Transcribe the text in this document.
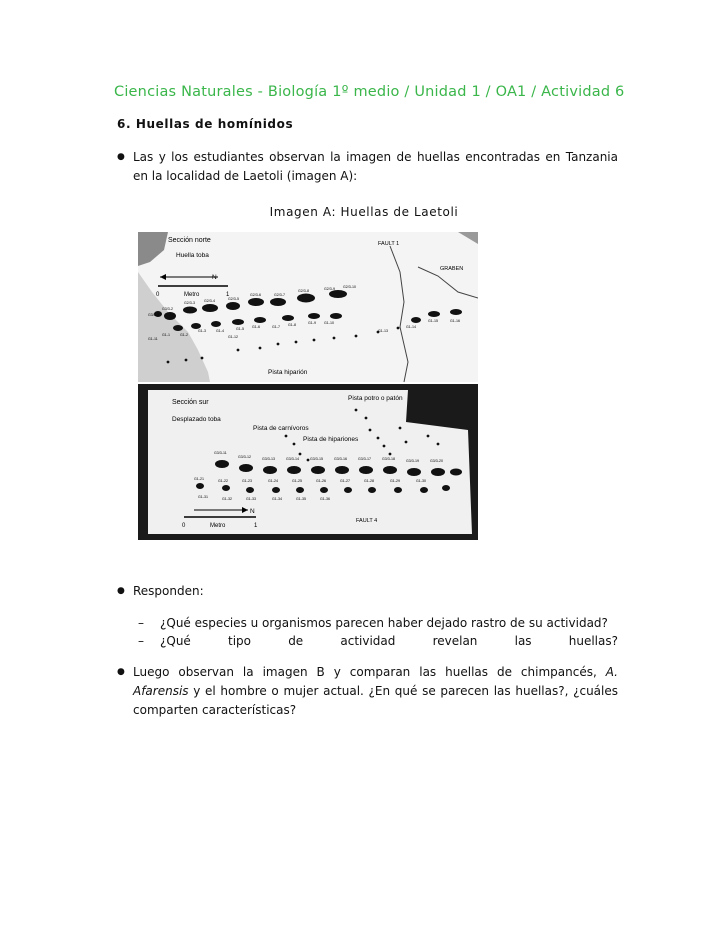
Ciencias Naturales - Biología 1º medio / Unidad 1 / OA1 / Actividad 6
6. Huellas de homínidos
● Las y los estudiantes observan la imagen de huellas encontradas en Tanzania en la localidad de Laetoli (imagen A):
Imagen A: Huellas de Laetoli
Sección norte
Huella toba
FAULT 1
GRABEN
N
0	Metro	1
G3/3-1
G3/3-2
G2/3-3	G2/3-4	G2/3-5
G2/3-6	G2/3-7
G2/3-8	G2/3-9 G2/3-10
G1-1	G1-2
G1-3	G1-4	G1-5 G1-6	G1-7 G1-8	G1-9 G1-10
G1-11	G1-12
G1-13
G1-14
G1-15	G1-16
Pista hiparión
Sección sur
Desplazado toba
Pista de carnívoros
Pista de hipariones
Pista potro o patón
FAULT 4
N
0	Metro	1
G3/3-11
G3/3-12	G3/3-13	G3/3-14	G3/3-15	G3/3-16	G3/3-17	G3/3-18	G3/3-19	G3/3-20
G1-21	G1-22	G1-23	G1-24	G1-25	G1-26	G1-27	G1-28	G1-29	G1-30
G1-31	G1-32	G1-33	G1-34	G1-35	G1-36
● Responden:
– ¿Qué especies u organismos parecen haber dejado rastro de su actividad?
– ¿Qué	tipo	de	actividad	revelan	las	huellas?
● Luego observan la imagen B y comparan las huellas de chimpancés, A. Afarensis y el hombre o mujer actual. ¿En qué se parecen las huellas?, ¿cuáles comparten características?
